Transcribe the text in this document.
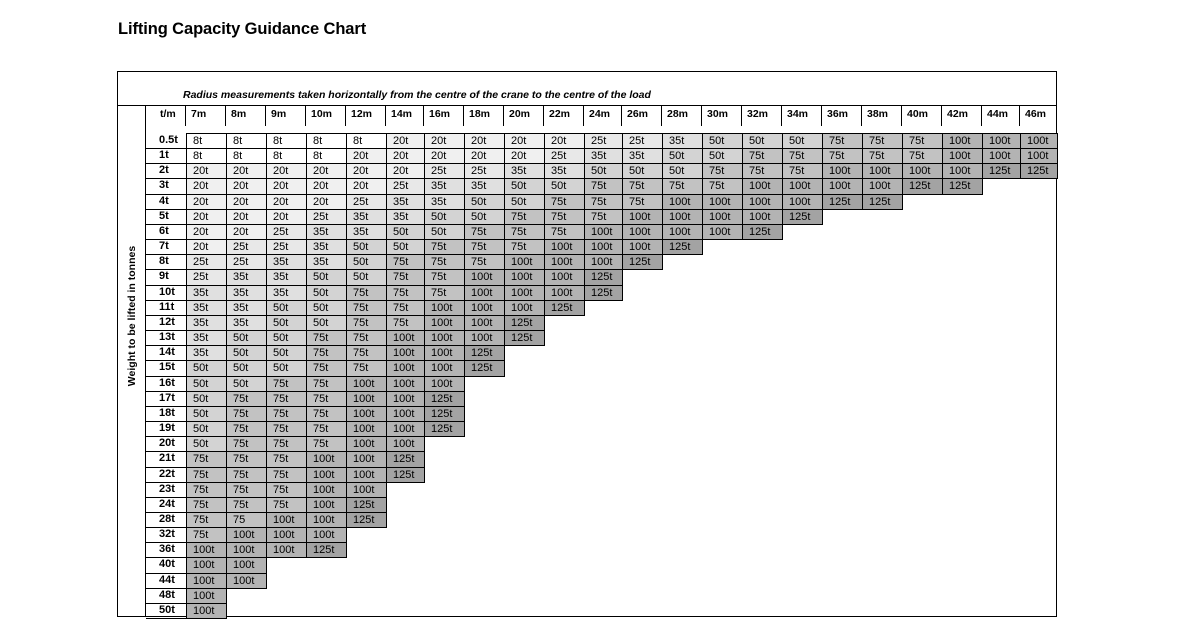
Lifting Capacity Guidance Chart
Radius measurements taken horizontally from the centre of the crane to the centre of the load
Weight to be lifted in tonnes
t/m	7m	8m	9m	10m	12m	14m	16m	18m	20m	22m	24m	26m	28m	30m	32m	34m	36m	38m	40m	42m	44m	46m
0.5t	8t	8t	8t	8t	8t	20t	20t	20t	20t	20t	25t	25t	35t	50t	50t	50t	75t	75t	75t	100t	100t	100t
1t	8t	8t	8t	8t	20t	20t	20t	20t	20t	25t	35t	35t	50t	50t	75t	75t	75t	75t	75t	100t	100t	100t
2t	20t	20t	20t	20t	20t	20t	25t	25t	35t	35t	50t	50t	50t	75t	75t	75t	100t	100t	100t	100t	125t	125t
3t	20t	20t	20t	20t	20t	25t	35t	35t	50t	50t	75t	75t	75t	75t	100t	100t	100t	100t	125t	125t
4t	20t	20t	20t	20t	25t	35t	35t	50t	50t	75t	75t	75t	100t	100t	100t	100t	125t	125t
5t	20t	20t	20t	25t	35t	35t	50t	50t	75t	75t	75t	100t	100t	100t	100t	125t
6t	20t	20t	25t	35t	35t	50t	50t	75t	75t	75t	100t	100t	100t	100t	125t
7t	20t	25t	25t	35t	50t	50t	75t	75t	75t	100t	100t	100t	125t
8t	25t	25t	35t	35t	50t	75t	75t	75t	100t	100t	100t	125t
9t	25t	35t	35t	50t	50t	75t	75t	100t	100t	100t	125t
10t	35t	35t	35t	50t	75t	75t	75t	100t	100t	100t	125t
11t	35t	35t	50t	50t	75t	75t	100t	100t	100t	125t
12t	35t	35t	50t	50t	75t	75t	100t	100t	125t
13t	35t	50t	50t	75t	75t	100t	100t	100t	125t
14t	35t	50t	50t	75t	75t	100t	100t	125t
15t	50t	50t	50t	75t	75t	100t	100t	125t
16t	50t	50t	75t	75t	100t	100t	100t
17t	50t	75t	75t	75t	100t	100t	125t
18t	50t	75t	75t	75t	100t	100t	125t
19t	50t	75t	75t	75t	100t	100t	125t
20t	50t	75t	75t	75t	100t	100t
21t	75t	75t	75t	100t	100t	125t
22t	75t	75t	75t	100t	100t	125t
23t	75t	75t	75t	100t	100t
24t	75t	75t	75t	100t	125t
28t	75t	75	100t	100t	125t
32t	75t	100t	100t	100t
36t	100t	100t	100t	125t
40t	100t	100t
44t	100t	100t
48t	100t
50t	100t
